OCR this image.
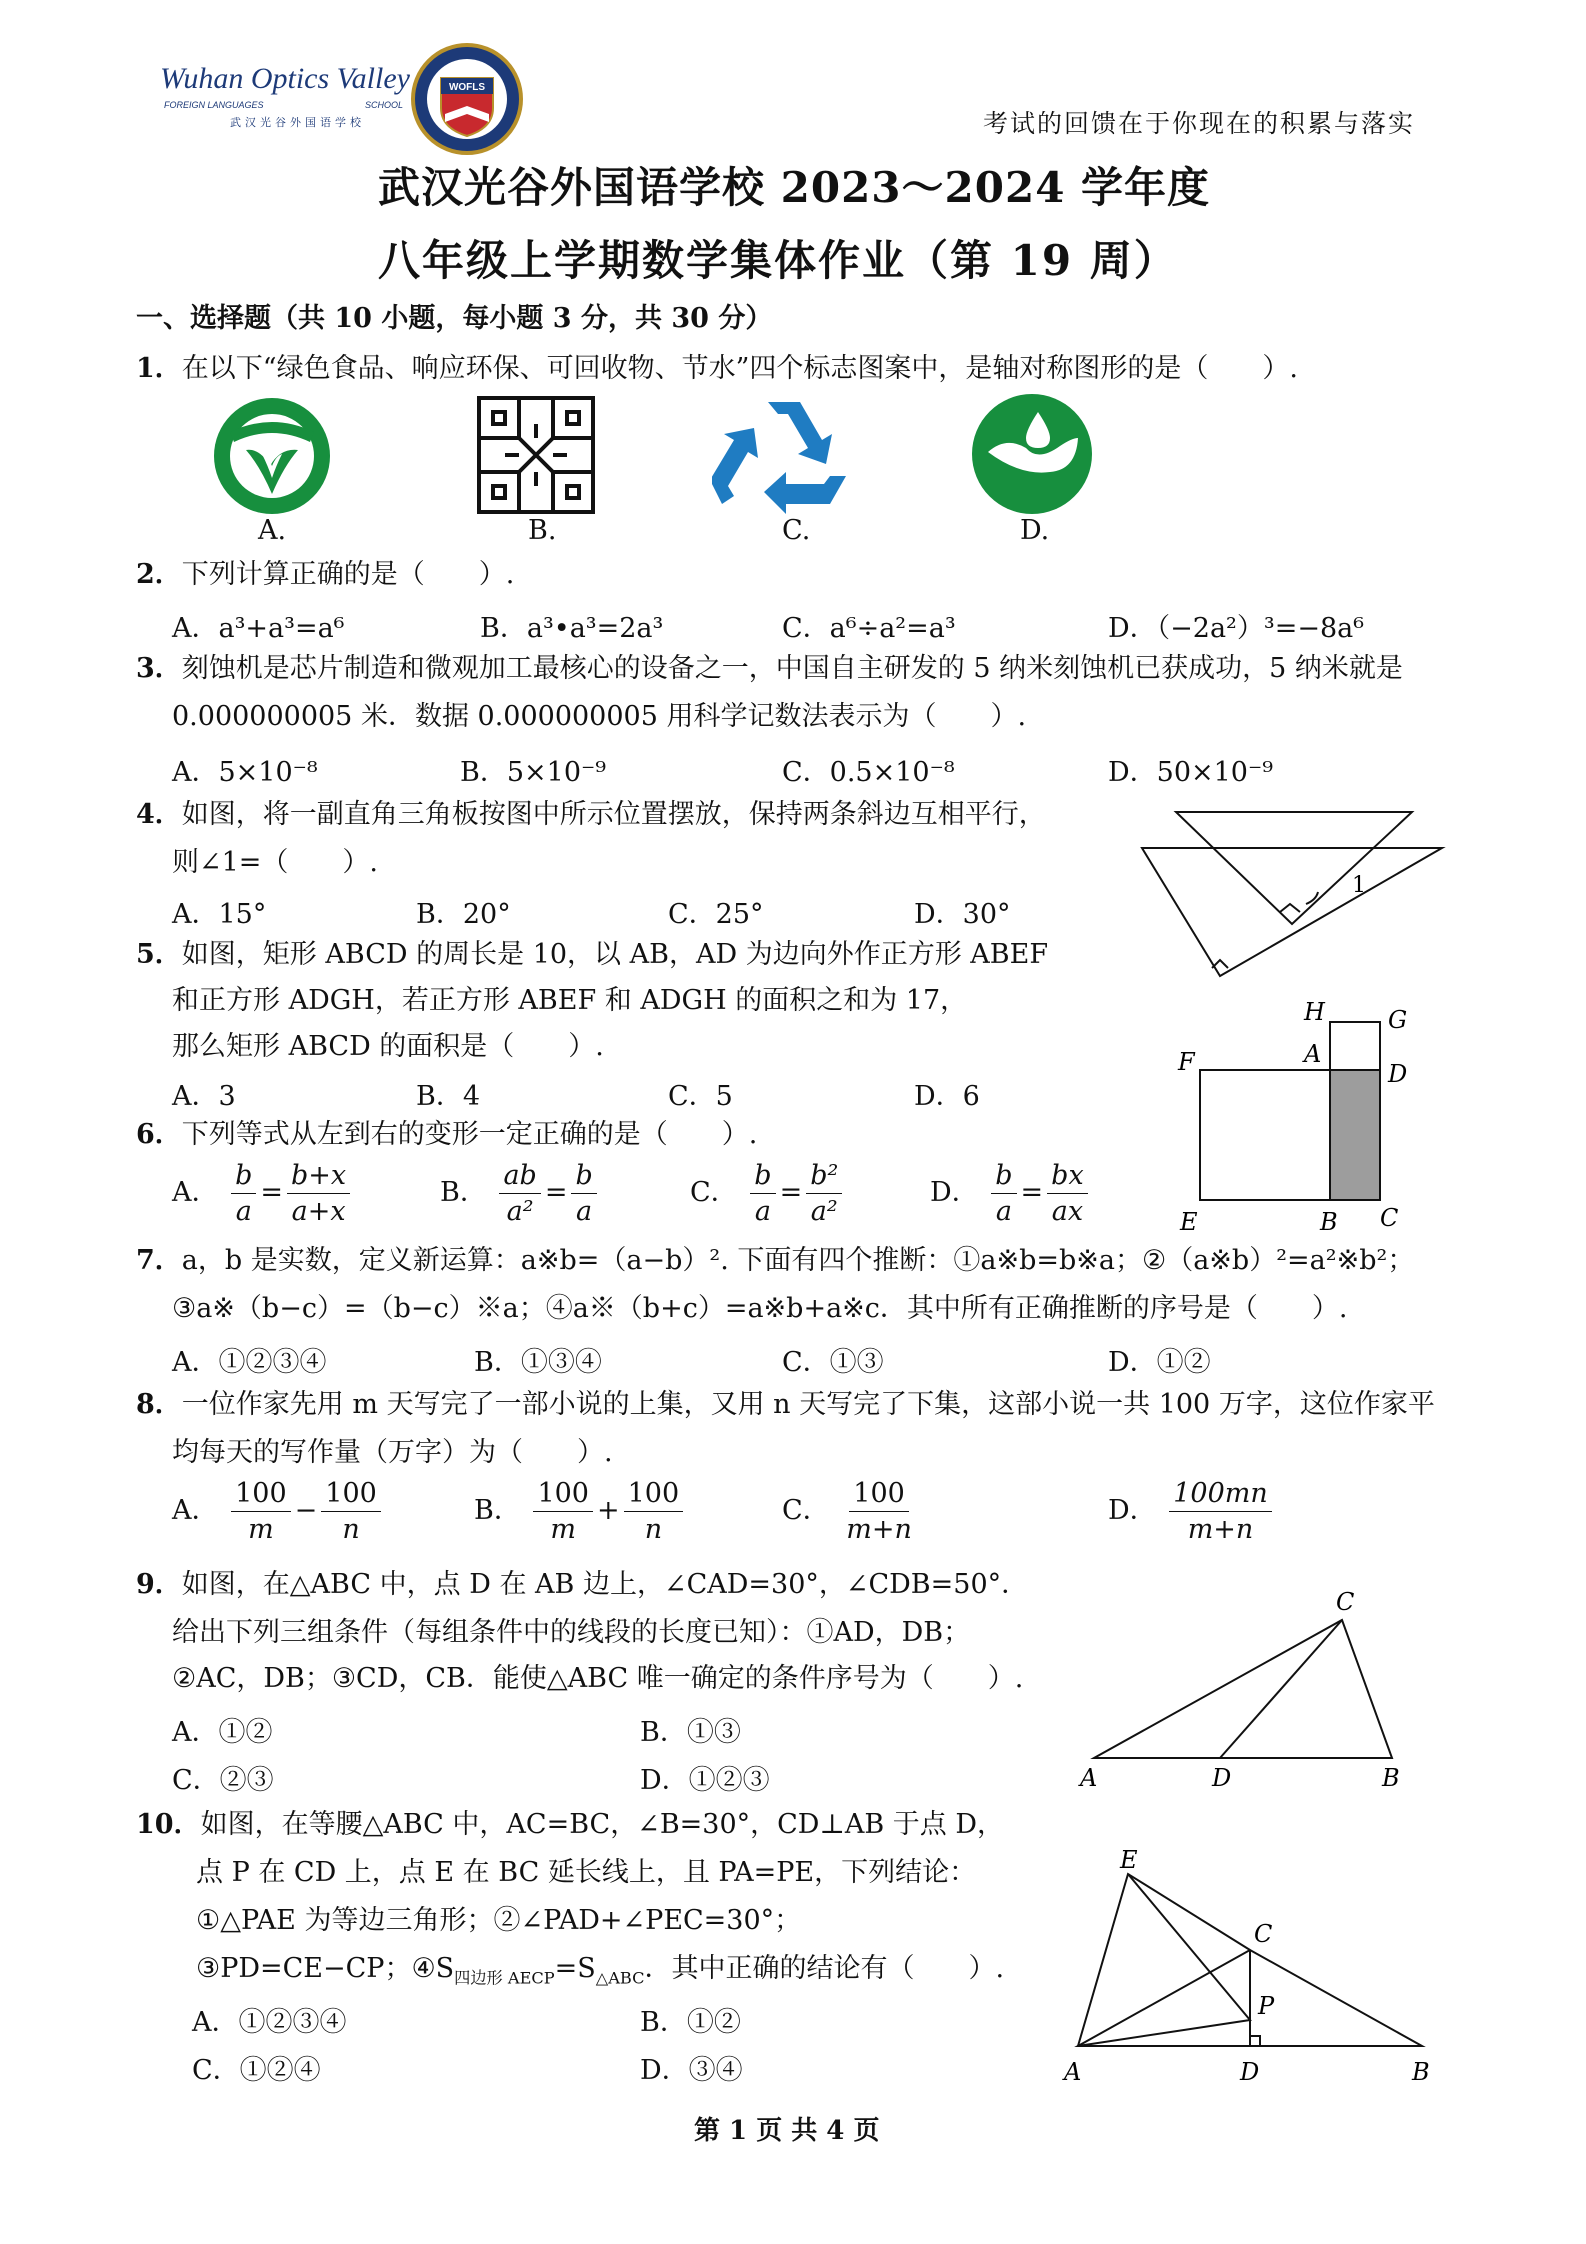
Wuhan Optics Valley
FOREIGN LANGUAGES	SCHOOL
武汉光谷外国语学校
WOFLS
考试的回馈在于你现在的积累与落实
武汉光谷外国语学校 2023～2024 学年度
八年级上学期数学集体作业（第 19 周）
一、选择题（共 10 小题，每小题 3 分，共 30 分）
1．在以下“绿色食品、响应环保、可回收物、节水”四个标志图案中，是轴对称图形的是（　　）.
A.	B.	C.	D.
2．下列计算正确的是（　　）.
A．a³+a³=a⁶	B．a³•a³=2a³	C．a⁶÷a²=a³	D．（−2a²）³=−8a⁶
3．刻蚀机是芯片制造和微观加工最核心的设备之一，中国自主研发的 5 纳米刻蚀机已获成功，5 纳米就是
0.000000005 米．数据 0.000000005 用科学记数法表示为（　　）.
A．5×10⁻⁸	B．5×10⁻⁹	C．0.5×10⁻⁸	D．50×10⁻⁹
4．如图，将一副直角三角板按图中所示位置摆放，保持两条斜边互相平行，
则∠1=（　　）.
A．15°	B．20°	C．25°	D．30°
1
5．如图，矩形 ABCD 的周长是 10，以 AB，AD 为边向外作正方形 ABEF
和正方形 ADGH，若正方形 ABEF 和 ADGH 的面积之和为 17，
那么矩形 ABCD 的面积是（　　）.
A．3	B．4	C．5	D．6
H	G
A
F	D
E	B C
6．下列等式从左到右的变形一定正确的是（　　）.
A． $\frac{b}{a} = \frac{b+x}{a+x}$	B． $\frac{ab}{\text{a²}} = \frac{b}{a}$	C． $\frac{b}{a} = \frac{\text{b²}}{\text{a²}}$	D． $\frac{b}{a} = \frac{bx}{ax}$
7．a，b 是实数，定义新运算：a※b=（a−b）². 下面有四个推断：①a※b=b※a；②（a※b）²=a²※b²；
③a※（b−c）=（b−c）※a；④a※（b+c）=a※b+a※c．其中所有正确推断的序号是（　　）.
A．①②③④	B．①③④	C．①③	D．①②
8．一位作家先用 m 天写完了一部小说的上集，又用 n 天写完了下集，这部小说一共 100 万字，这位作家平
均每天的写作量（万字）为（　　）.
A． $\frac{100}{m} - \frac{100}{n}$	B． $\frac{100}{m} + \frac{100}{n}$	C． $\frac{100}{m+n}$	D． $\frac{100mn}{m+n}$
9．如图，在△ABC 中，点 D 在 AB 边上，∠CAD=30°，∠CDB=50°．
给出下列三组条件（每组条件中的线段的长度已知）：①AD，DB；
②AC，DB；③CD，CB．能使△ABC 唯一确定的条件序号为（　　）.
A．①②	B．①③
C．②③	D．①②③
C
A	D	B
10．如图，在等腰△ABC 中，AC=BC，∠B=30°，CD⊥AB 于点 D，
点 P 在 CD 上，点 E 在 BC 延长线上，且 PA=PE，下列结论：
①△PAE 为等边三角形；②∠PAD+∠PEC=30°；
③PD=CE−CP；$④S_{四边形 AECP}=S_{\triangle ABC}$．其中正确的结论有（　　）.
A．①②③④	B．①②
C．①②④	D．③④
E
C
P
A	D	B
第 1 页 共 4 页
